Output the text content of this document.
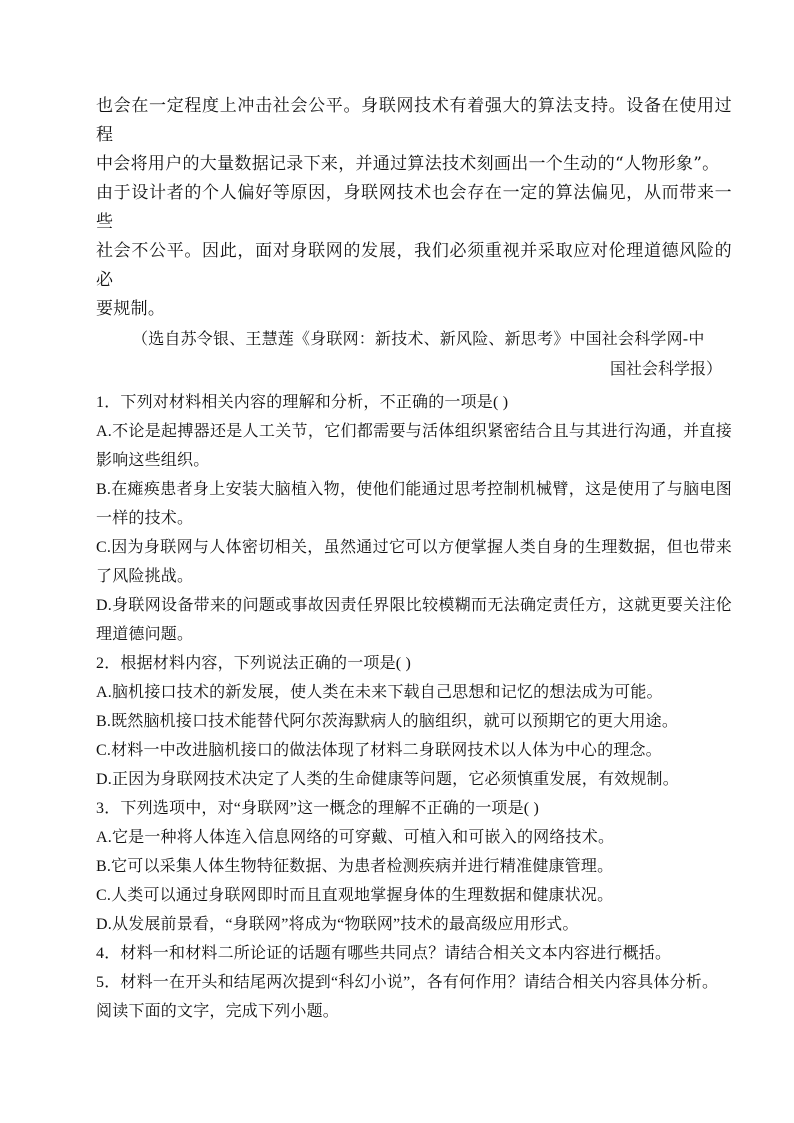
也会在一定程度上冲击社会公平。身联网技术有着强大的算法支持。设备在使用过程

中会将用户的大量数据记录下来，并通过算法技术刻画出一个生动的“人物形象”。

由于设计者的个人偏好等原因，身联网技术也会存在一定的算法偏见，从而带来一些

社会不公平。因此，面对身联网的发展，我们必须重视并采取应对伦理道德风险的必

要规制。

（选自苏令银、王慧莲《身联网：新技术、新风险、新思考》中国社会科学网-中

国社会科学报）

1．下列对材料相关内容的理解和分析，不正确的一项是( )

A.不论是起搏器还是人工关节，它们都需要与活体组织紧密结合且与其进行沟通，并直接影响这些组织。

B.在瘫痪患者身上安装大脑植入物，使他们能通过思考控制机械臂，这是使用了与脑电图一样的技术。

C.因为身联网与人体密切相关，虽然通过它可以方便掌握人类自身的生理数据，但也带来了风险挑战。

D.身联网设备带来的问题或事故因责任界限比较模糊而无法确定责任方，这就更要关注伦理道德问题。

2．根据材料内容，下列说法正确的一项是( )

A.脑机接口技术的新发展，使人类在未来下载自己思想和记忆的想法成为可能。

B.既然脑机接口技术能替代阿尔茨海默病人的脑组织，就可以预期它的更大用途。

C.材料一中改进脑机接口的做法体现了材料二身联网技术以人体为中心的理念。

D.正因为身联网技术决定了人类的生命健康等问题，它必须慎重发展，有效规制。

3．下列选项中，对“身联网”这一概念的理解不正确的一项是( )

A.它是一种将人体连入信息网络的可穿戴、可植入和可嵌入的网络技术。

B.它可以采集人体生物特征数据、为患者检测疾病并进行精准健康管理。

C.人类可以通过身联网即时而且直观地掌握身体的生理数据和健康状况。

D.从发展前景看，“身联网”将成为“物联网”技术的最高级应用形式。

4．材料一和材料二所论证的话题有哪些共同点？请结合相关文本内容进行概括。

5．材料一在开头和结尾两次提到“科幻小说”，各有何作用？请结合相关内容具体分析。

阅读下面的文字，完成下列小题。
